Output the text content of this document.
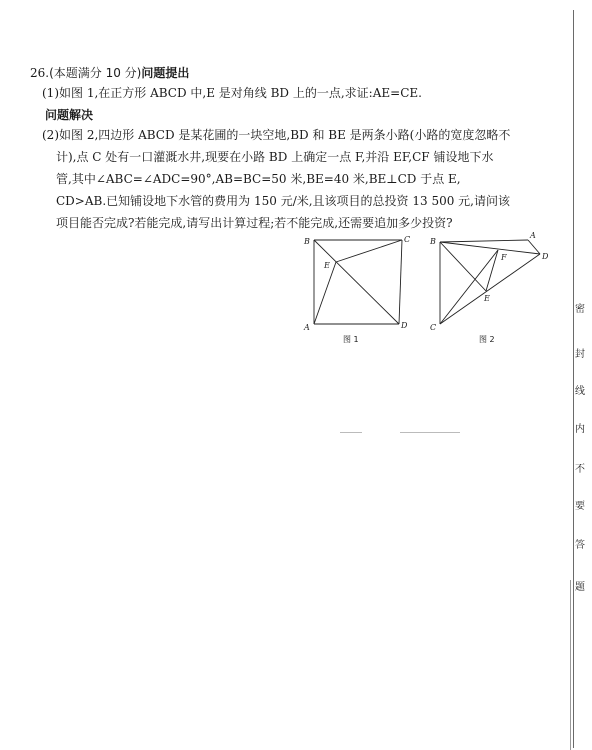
26.(本题满分 10 分)问题提出
(1)如图 1,在正方形 ABCD 中,E 是对角线 BD 上的一点,求证:AE=CE.
问题解决
(2)如图 2,四边形 ABCD 是某花圃的一块空地,BD 和 BE 是两条小路(小路的宽度忽略不
计),点 C 处有一口灌溉水井,现要在小路 BD 上确定一点 F,并沿 EF,CF 铺设地下水
管,其中∠ABC=∠ADC=90°,AB=BC=50 米,BE=40 米,BE⊥CD 于点 E,
CD>AB.已知铺设地下水管的费用为 150 元/米,且该项目的总投资 13 500 元,请问该
项目能否完成?若能完成,请写出计算过程;若不能完成,还需要追加多少投资?
B	C
E
A	D
图 1
B
A
F	D
E
C
图 2
密
封
线
内
不
要
答
题
